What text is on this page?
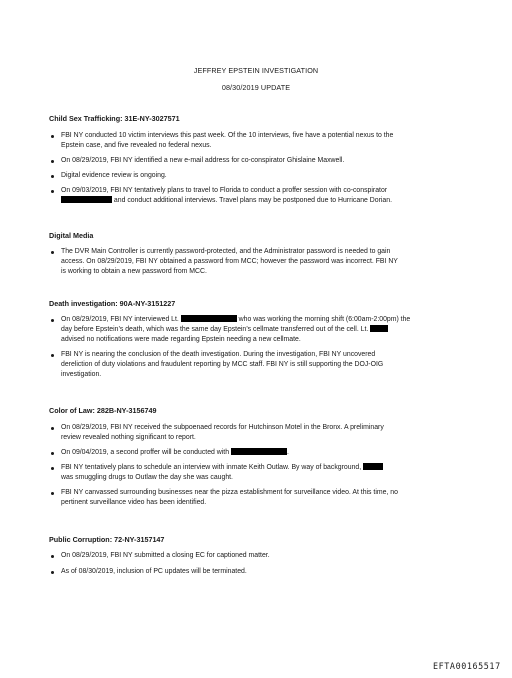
JEFFREY EPSTEIN INVESTIGATION
08/30/2019 UPDATE

Child Sex Trafficking: 31E-NY-3027571

FBI NY conducted 10 victim interviews this past week. Of the 10 interviews, five have a potential nexus to the
Epstein case, and five revealed no federal nexus.
On 08/29/2019, FBI NY identified a new e-mail address for co-conspirator Ghislaine Maxwell.
Digital evidence review is ongoing.
On 09/03/2019, FBI NY tentatively plans to travel to Florida to conduct a proffer session with co-conspirator
and conduct additional interviews. Travel plans may be postponed due to Hurricane Dorian.

Digital Media

The DVR Main Controller is currently password-protected, and the Administrator password is needed to gain
access. On 08/29/2019, FBI NY obtained a password from MCC; however the password was incorrect. FBI NY
is working to obtain a new password from MCC.

Death investigation: 90A-NY-3151227

On 08/29/2019, FBI NY interviewed Lt.	who was working the morning shift (6:00am-2:00pm) the
day before Epstein’s death, which was the same day Epstein’s cellmate transferred out of the cell. Lt.
advised no notifications were made regarding Epstein needing a new cellmate.
FBI NY is nearing the conclusion of the death investigation. During the investigation, FBI NY uncovered
dereliction of duty violations and fraudulent reporting by MCC staff. FBI NY is still supporting the DOJ-OIG
investigation.

Color of Law: 282B-NY-3156749

On 08/29/2019, FBI NY received the subpoenaed records for Hutchinson Motel in the Bronx. A preliminary
review revealed nothing significant to report.
On 09/04/2019, a second proffer will be conducted with	.
FBI NY tentatively plans to schedule an interview with inmate Keith Outlaw. By way of background,
was smuggling drugs to Outlaw the day she was caught.
FBI NY canvassed surrounding businesses near the pizza establishment for surveillance video. At this time, no
pertinent surveillance video has been identified.

Public Corruption: 72-NY-3157147

On 08/29/2019, FBI NY submitted a closing EC for captioned matter.
As of 08/30/2019, inclusion of PC updates will be terminated.
EFTA00165517
